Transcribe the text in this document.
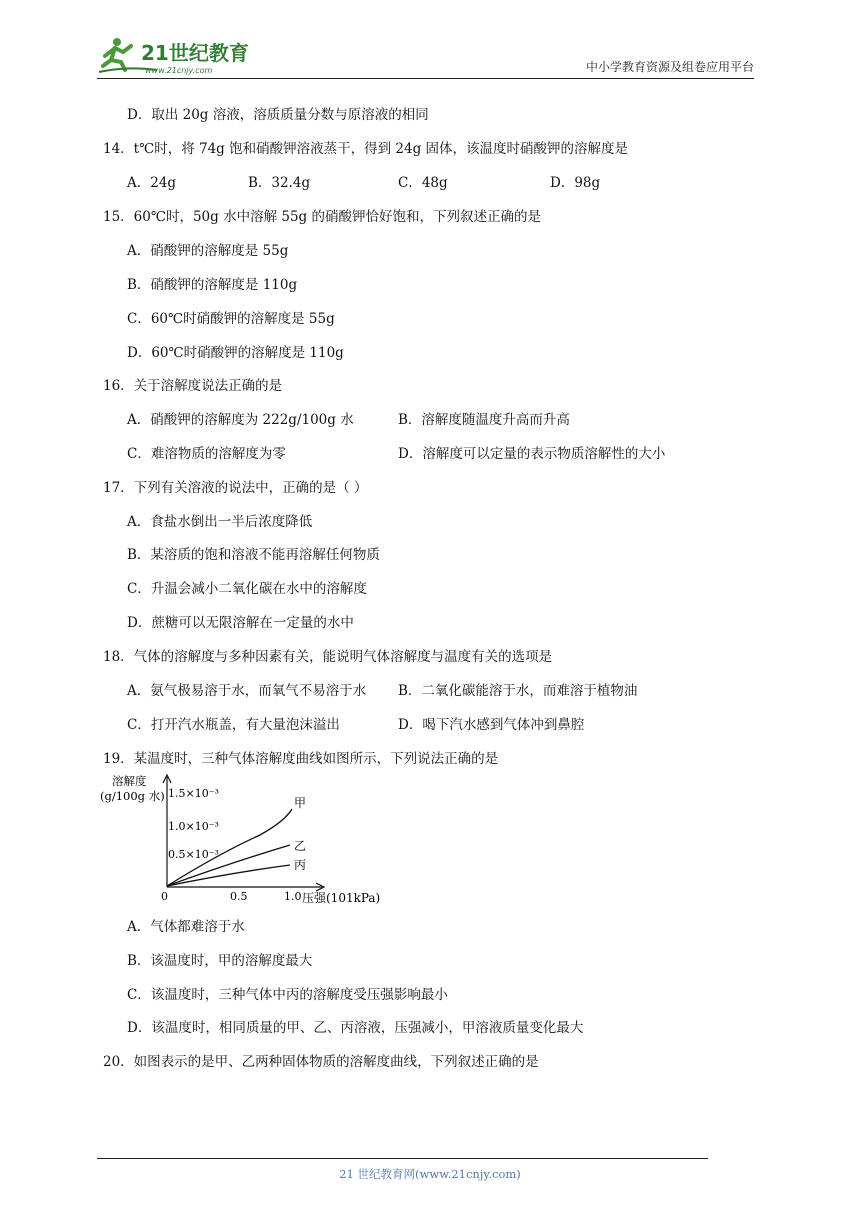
21世纪教育
www.21cnjy.com	中小学教育资源及组卷应用平台
D．取出 20g 溶液，溶质质量分数与原溶液的相同
14．t℃时，将 74g 饱和硝酸钾溶液蒸干，得到 24g 固体，该温度时硝酸钾的溶解度是
A．24g	B．32.4g	C．48g	D．98g
15．60℃时，50g 水中溶解 55g 的硝酸钾恰好饱和，下列叙述正确的是
A．硝酸钾的溶解度是 55g
B．硝酸钾的溶解度是 110g
C．60℃时硝酸钾的溶解度是 55g
D．60℃时硝酸钾的溶解度是 110g
16．关于溶解度说法正确的是
A．硝酸钾的溶解度为 222g/100g 水	B．溶解度随温度升高而升高
C．难溶物质的溶解度为零	D．溶解度可以定量的表示物质溶解性的大小
17．下列有关溶液的说法中，正确的是（ ）
A．食盐水倒出一半后浓度降低
B．某溶质的饱和溶液不能再溶解任何物质
C．升温会减小二氧化碳在水中的溶解度
D．蔗糖可以无限溶解在一定量的水中
18．气体的溶解度与多种因素有关，能说明气体溶解度与温度有关的选项是
A．氨气极易溶于水，而氧气不易溶于水 B．二氧化碳能溶于水，而难溶于植物油
C．打开汽水瓶盖，有大量泡沫溢出	D．喝下汽水感到气体冲到鼻腔
19．某温度时，三种气体溶解度曲线如图所示，下列说法正确的是
溶解度
(g/100g 水) 1.5×10⁻³
1.0×10⁻³
0.5×10⁻³
0	0.5	1.0 压强(101kPa)
甲
乙
丙
A．气体都难溶于水
B．该温度时，甲的溶解度最大
C．该温度时，三种气体中丙的溶解度受压强影响最小
D．该温度时，相同质量的甲、乙、丙溶液，压强减小，甲溶液质量变化最大
20．如图表示的是甲、乙两种固体物质的溶解度曲线，下列叙述正确的是
21 世纪教育网(www.21cnjy.com)
